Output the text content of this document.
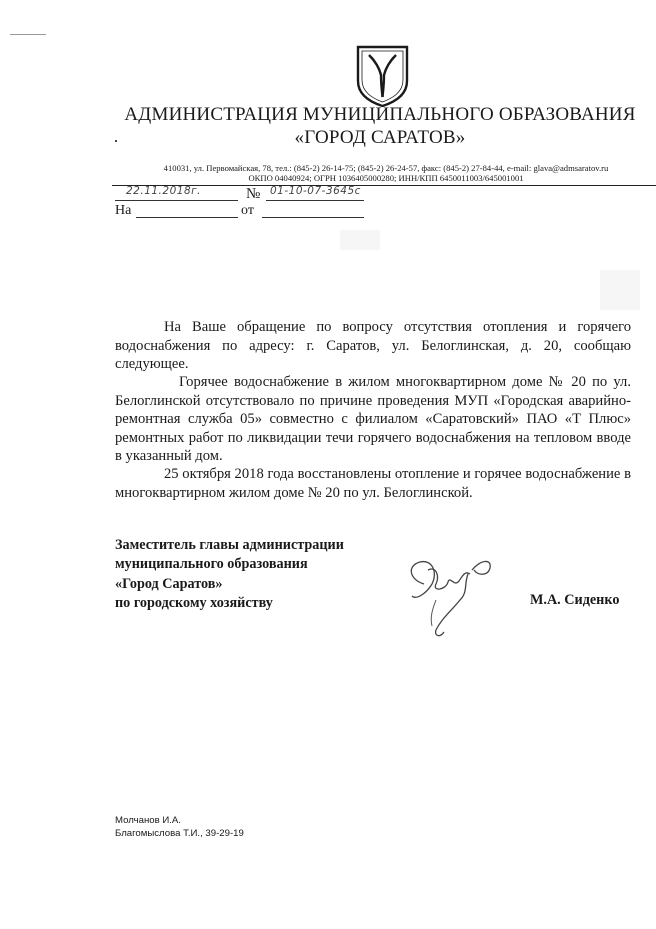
АДМИНИСТРАЦИЯ МУНИЦИПАЛЬНОГО ОБРАЗОВАНИЯ
«ГОРОД САРАТОВ»
410031, ул. Первомайская, 78, тел.: (845-2) 26-14-75; (845-2) 26-24-57, факс: (845-2) 27-84-44, e-mail: glava@admsaratov.ru
ОКПО 04040924; ОГРН 1036405000280; ИНН/КПП 6450011003/645001001
22.11.2018г.	№ 01-10-07-3645с
На	от
На Ваше обращение по вопросу отсутствия отопления и горячего водоснабжения по адресу: г. Саратов, ул. Белоглинская, д. 20, сообщаю следующее.
Горячее водоснабжение в жилом многоквартирном доме № 20 по ул. Белоглинской отсутствовало по причине проведения МУП «Городская аварийно-ремонтная служба 05» совместно с филиалом «Саратовский» ПАО «Т Плюс» ремонтных работ по ликвидации течи горячего водоснабжения на тепловом вводе в указанный дом.
25 октября 2018 года восстановлены отопление и горячее водоснабжение в многоквартирном жилом доме № 20 по ул. Белоглинской.
Заместитель главы администрации
муниципального образования
«Город Саратов»
по городскому хозяйству	М.А. Сиденко
Молчанов И.А.
Благомыслова Т.И., 39-29-19
